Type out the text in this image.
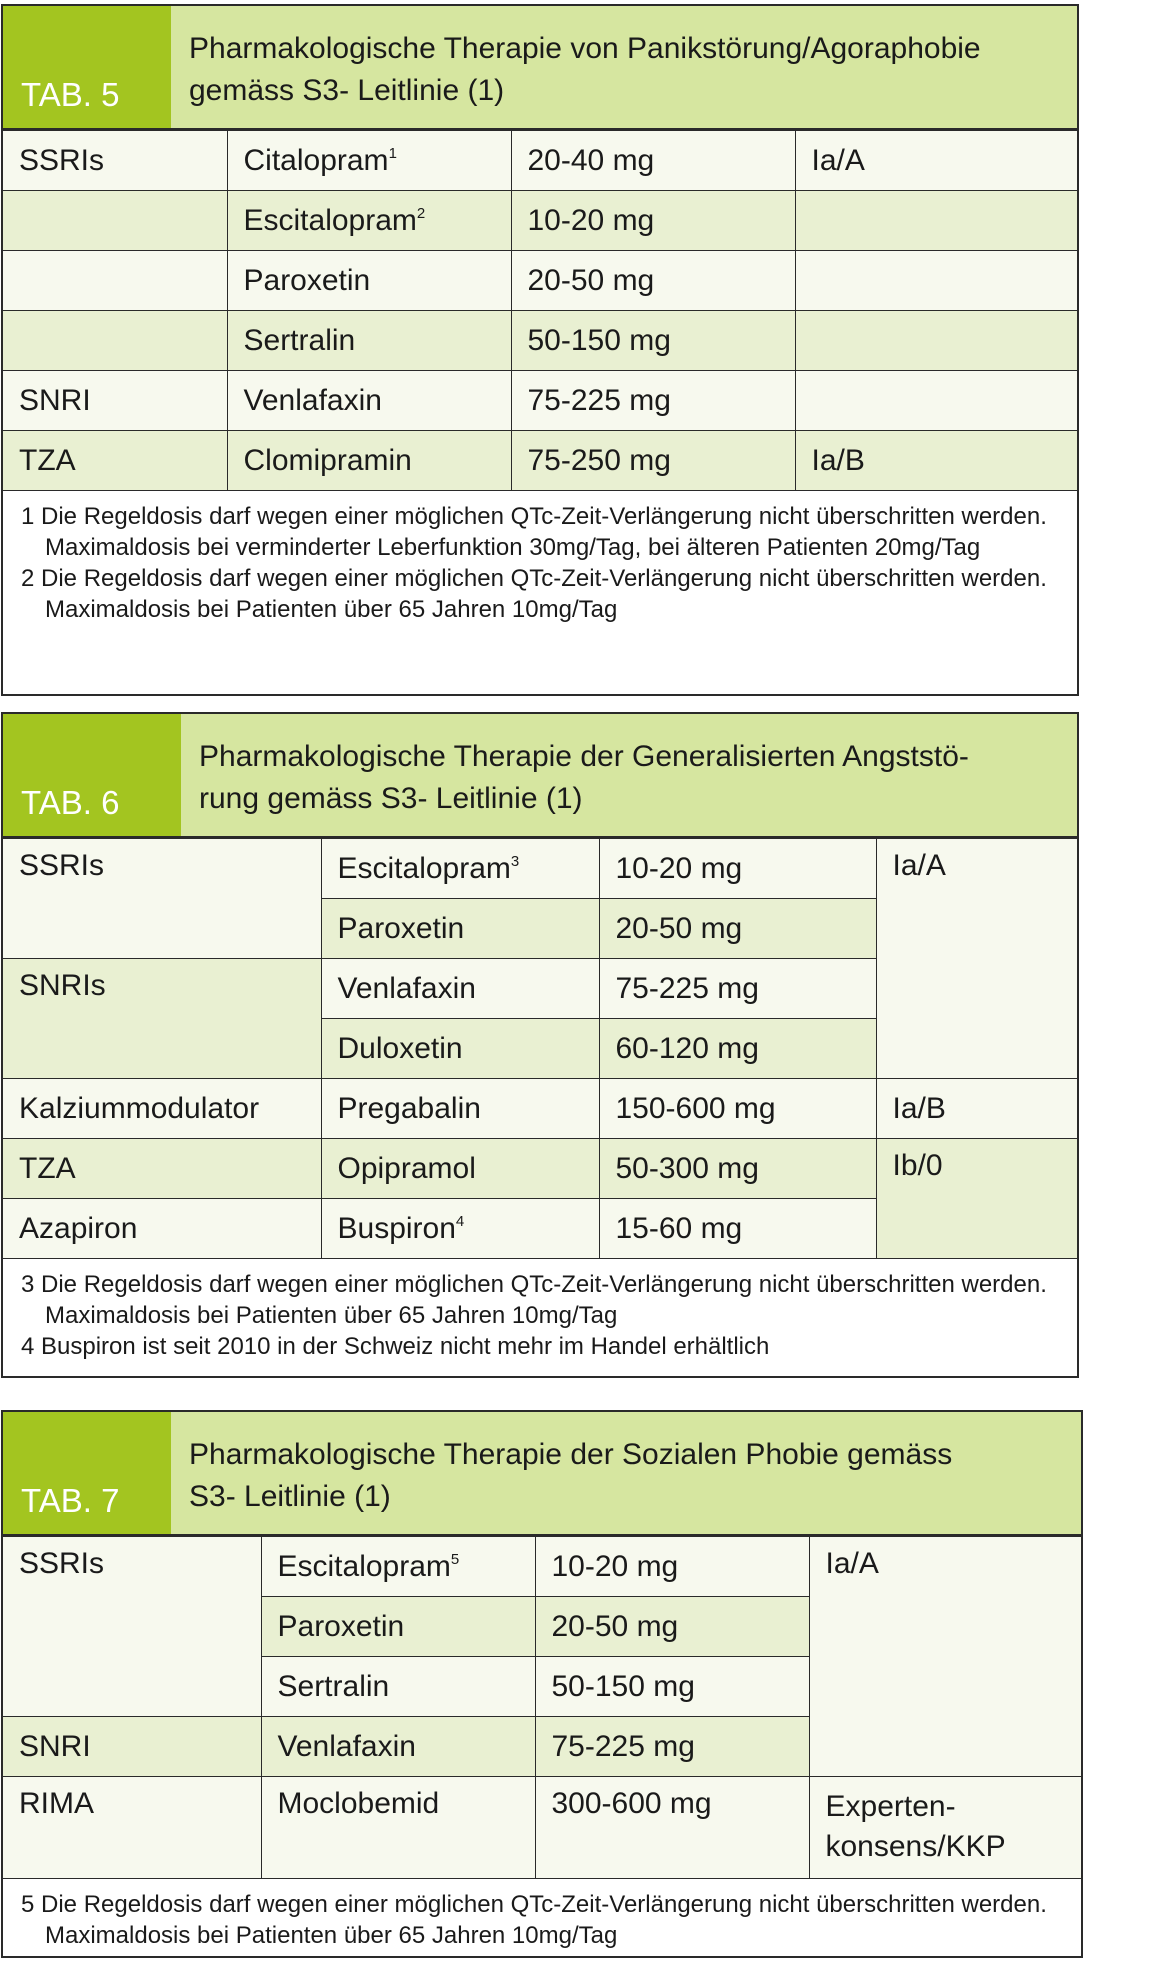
TAB. 5
Pharmakologische Therapie von Panikstörung/Agoraphobie
gemäss S3- Leitlinie (1)
SSRIs	Citalopram$^1$	20-40 mg	Ia/A
	Escitalopram$^2$	10-20 mg	
	Paroxetin	20-50 mg	
	Sertralin	50-150 mg	
SNRI	Venlafaxin	75-225 mg	
TZA	Clomipramin	75-250 mg	Ia/B
1 Die Regeldosis darf wegen einer möglichen QTc-Zeit-Verlängerung nicht überschritten werden. Maximaldosis bei verminderter Leberfunktion 30mg/Tag, bei älteren Patienten 20mg/Tag
2 Die Regeldosis darf wegen einer möglichen QTc-Zeit-Verlängerung nicht überschritten werden. Maximaldosis bei Patienten über 65 Jahren 10mg/Tag
TAB. 6
Pharmakologische Therapie der Generalisierten Angststö-
rung gemäss S3- Leitlinie (1)
SSRIs	Escitalopram$^3$	10-20 mg	Ia/A
	Paroxetin	20-50 mg	
SNRIs	Venlafaxin	75-225 mg	
	Duloxetin	60-120 mg	
Kalziummodulator	Pregabalin	150-600 mg	Ia/B
TZA	Opipramol	50-300 mg	Ib/0
Azapiron	Buspiron$^4$	15-60 mg	
3 Die Regeldosis darf wegen einer möglichen QTc-Zeit-Verlängerung nicht überschritten werden. Maximaldosis bei Patienten über 65 Jahren 10mg/Tag
4 Buspiron ist seit 2010 in der Schweiz nicht mehr im Handel erhältlich
TAB. 7
Pharmakologische Therapie der Sozialen Phobie gemäss
S3- Leitlinie (1)
SSRIs	Escitalopram$^5$	10-20 mg	Ia/A
	Paroxetin	20-50 mg	
	Sertralin	50-150 mg	
SNRI	Venlafaxin	75-225 mg	
RIMA	Moclobemid	300-600 mg	Experten-
konsens/KKP
5 Die Regeldosis darf wegen einer möglichen QTc-Zeit-Verlängerung nicht überschritten werden.   Maximaldosis bei Patienten über 65 Jahren 10mg/Tag
